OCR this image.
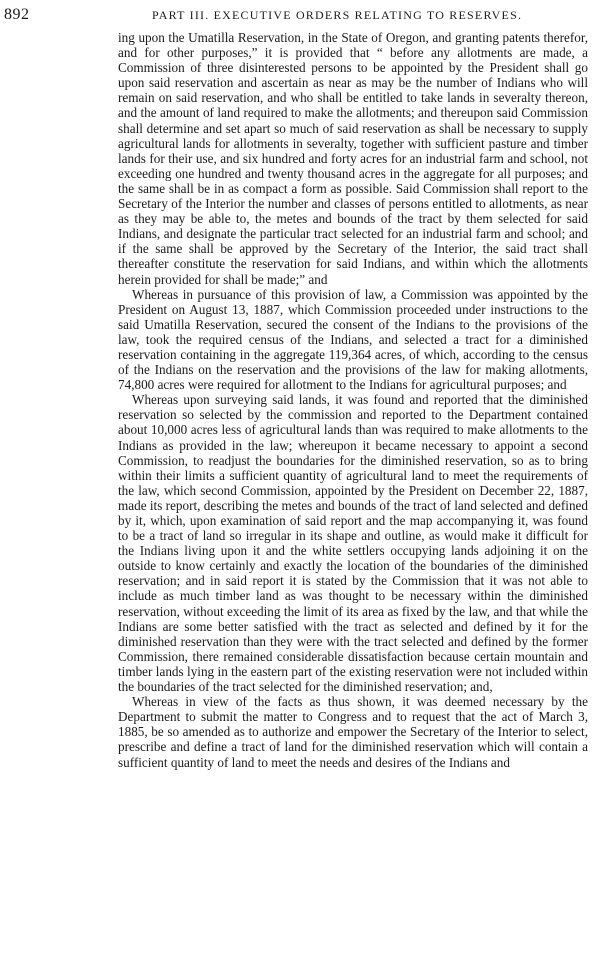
892	PART III. EXECUTIVE ORDERS RELATING TO RESERVES.

ing upon the Umatilla Reservation, in the State of Oregon, and granting patents therefor, and for other purposes,” it is provided that “ before any allotments are made, a Commission of three disinterested persons to be appointed by the President shall go upon said reservation and ascertain as near as may be the number of Indians who will remain on said reservation, and who shall be entitled to take lands in severalty thereon, and the amount of land required to make the allotments; and thereupon said Commission shall determine and set apart so much of said reservation as shall be necessary to supply agricultural lands for allotments in severalty, together with sufficient pasture and timber lands for their use, and six hundred and forty acres for an industrial farm and school, not exceeding one hundred and twenty thousand acres in the aggregate for all purposes; and the same shall be in as compact a form as possible. Said Commission shall report to the Secretary of the Interior the number and classes of persons entitled to allotments, as near as they may be able to, the metes and bounds of the tract by them selected for said Indians, and designate the particular tract selected for an industrial farm and school; and if the same shall be approved by the Secretary of the Interior, the said tract shall thereafter constitute the reservation for said Indians, and within which the allotments herein provided for shall be made;” and

Whereas in pursuance of this provision of law, a Commission was appointed by the President on August 13, 1887, which Commission proceeded under instructions to the said Umatilla Reservation, secured the consent of the Indians to the provisions of the law, took the required census of the Indians, and selected a tract for a diminished reservation containing in the aggregate 119,364 acres, of which, according to the census of the Indians on the reservation and the provisions of the law for making allotments, 74,800 acres were required for allotment to the Indians for agricultural purposes; and

Whereas upon surveying said lands, it was found and reported that the diminished reservation so selected by the commission and reported to the Department contained about 10,000 acres less of agricultural lands than was required to make allotments to the Indians as provided in the law; whereupon it became necessary to appoint a second Commission, to readjust the boundaries for the diminished reservation, so as to bring within their limits a sufficient quantity of agricultural land to meet the requirements of the law, which second Commission, appointed by the President on December 22, 1887, made its report, describing the metes and bounds of the tract of land selected and defined by it, which, upon examination of said report and the map accompanying it, was found to be a tract of land so irregular in its shape and outline, as would make it difficult for the Indians living upon it and the white settlers occupying lands adjoining it on the outside to know certainly and exactly the location of the boundaries of the diminished reservation; and in said report it is stated by the Commission that it was not able to include as much timber land as was thought to be necessary within the diminished reservation, without exceeding the limit of its area as fixed by the law, and that while the Indians are some better satisfied with the tract as selected and defined by it for the diminished reservation than they were with the tract selected and defined by the former Commission, there remained considerable dissatisfaction because certain mountain and timber lands lying in the eastern part of the existing reservation were not included within the boundaries of the tract selected for the diminished reservation; and,

Whereas in view of the facts as thus shown, it was deemed necessary by the Department to submit the matter to Congress and to request that the act of March 3, 1885, be so amended as to authorize and empower the Secretary of the Interior to select, prescribe and define a tract of land for the diminished reservation which will contain a sufficient quantity of land to meet the needs and desires of the Indians and
